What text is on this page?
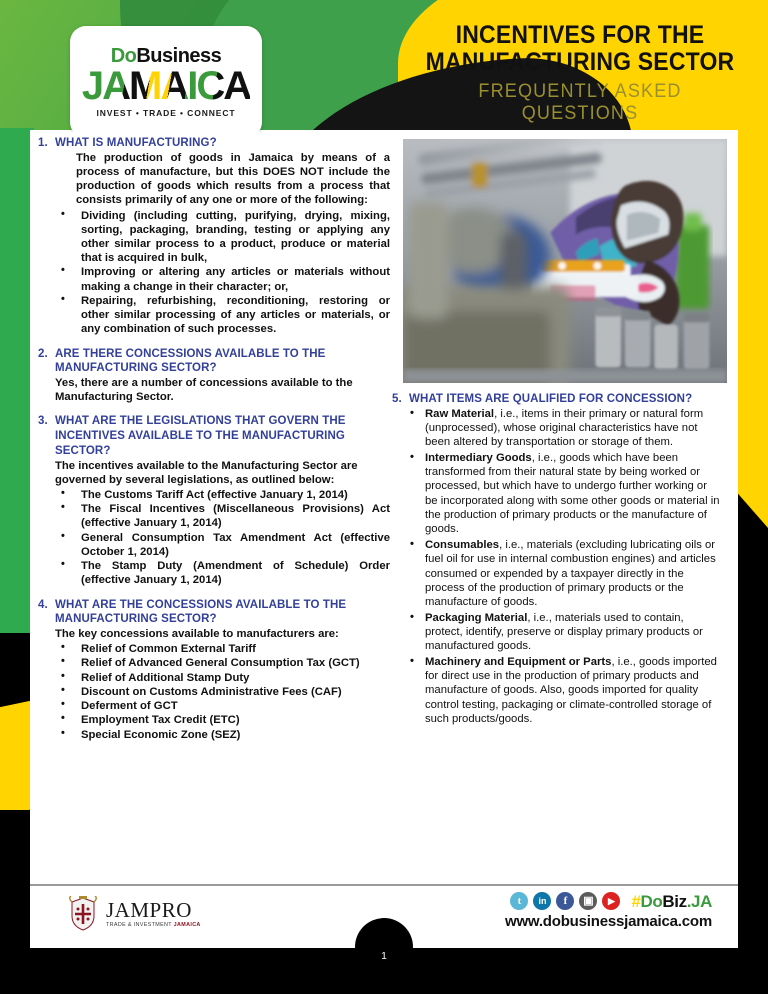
DoBusiness
JAMAICA
INVEST • TRADE • CONNECT
INCENTIVES FOR THE
MANUFACTURING SECTOR
FREQUENTLY ASKED QUESTIONS
1. WHAT IS MANUFACTURING?
The production of goods in Jamaica by means of a process of manufacture, but this DOES NOT include the production of goods which results from a process that consists primarily of any one or more of the following:
• Dividing (including cutting, purifying, drying, mixing, sorting, packaging, branding, testing or applying any other similar process to a product, produce or material that is acquired in bulk,
• Improving or altering any articles or materials without making a change in their character; or,
• Repairing, refurbishing, reconditioning, restoring or other similar processing of any articles or materials, or any combination of such processes.
2. ARE THERE CONCESSIONS AVAILABLE TO THE MANUFACTURING SECTOR?
Yes, there are a number of concessions available to the Manufacturing Sector.
3. WHAT ARE THE LEGISLATIONS THAT GOVERN THE INCENTIVES AVAILABLE TO THE MANUFACTURING SECTOR?
The incentives available to the Manufacturing Sector are governed by several legislations, as outlined below:
• The Customs Tariff Act (effective January 1, 2014)
• The Fiscal Incentives (Miscellaneous Provisions) Act (effective January 1, 2014)
• General Consumption Tax Amendment Act (effective October 1, 2014)
• The Stamp Duty (Amendment of Schedule) Order (effective January 1, 2014)
4. WHAT ARE THE CONCESSIONS AVAILABLE TO THE MANUFACTURING SECTOR?
The key concessions available to manufacturers are:
• Relief of Common External Tariff
• Relief of Advanced General Consumption Tax (GCT)
• Relief of Additional Stamp Duty
• Discount on Customs Administrative Fees (CAF)
• Deferment of GCT
• Employment Tax Credit (ETC)
• Special Economic Zone (SEZ)
5. WHAT ITEMS ARE QUALIFIED FOR CONCESSION?
• Raw Material, i.e., items in their primary or natural form (unprocessed), whose original characteristics have not been altered by transportation or storage of them.
• Intermediary Goods, i.e., goods which have been transformed from their natural state by being worked or processed, but which have to undergo further working or be incorporated along with some other goods or material in the production of primary products or the manufacture of goods.
• Consumables, i.e., materials (excluding lubricating oils or fuel oil for use in internal combustion engines) and articles consumed or expended by a taxpayer directly in the process of the production of primary products or the manufacture of goods.
• Packaging Material, i.e., materials used to contain, protect, identify, preserve or display primary products or manufactured goods.
• Machinery and Equipment or Parts, i.e., goods imported for direct use in the production of primary products and manufacture of goods. Also, goods imported for quality control testing, packaging or climate-controlled storage of such products/goods.
JAMPRO
TRADE & INVESTMENT JAMAICA
t	in	f	▣	▶ #DoBiz.JA
www.dobusinessjamaica.com
1
